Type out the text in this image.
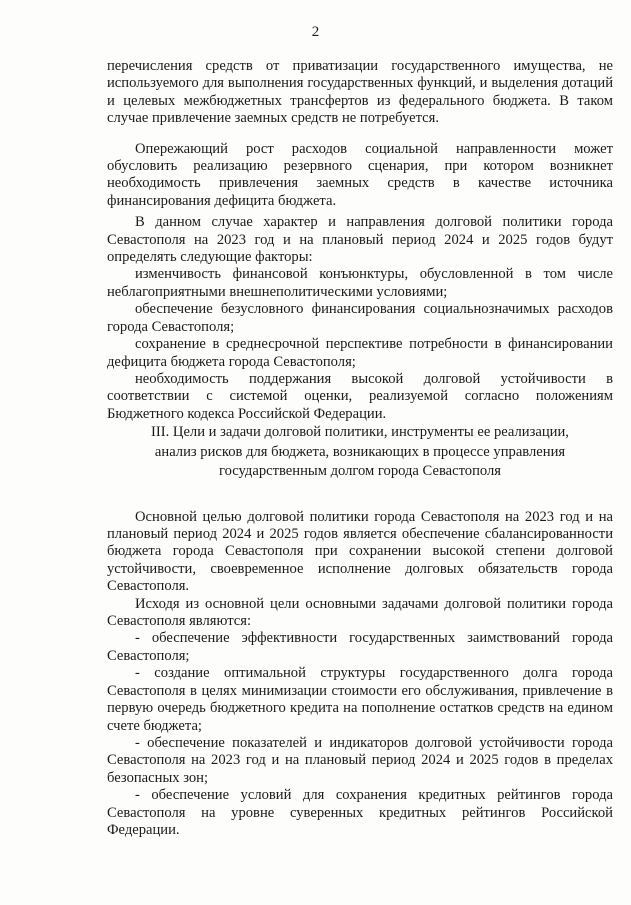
2

перечисления средств от приватизации государственного имущества, не используемого для выполнения государственных функций, и выделения дотаций и целевых межбюджетных трансфертов из федерального бюджета. В таком случае привлечение заемных средств не потребуется.

Опережающий рост расходов социальной направленности может обусловить реализацию резервного сценария, при котором возникнет необходимость привлечения заемных средств в качестве источника финансирования дефицита бюджета.

В данном случае характер и направления долговой политики города Севастополя на 2023 год и на плановый период 2024 и 2025 годов будут определять следующие факторы:

изменчивость финансовой конъюнктуры, обусловленной в том числе неблагоприятными внешнеполитическими условиями;

обеспечение безусловного финансирования социальнозначимых расходов города Севастополя;

сохранение в среднесрочной перспективе потребности в финансировании дефицита бюджета города Севастополя;

необходимость поддержания высокой долговой устойчивости в соответствии с системой оценки, реализуемой согласно положениям Бюджетного кодекса Российской Федерации.

III. Цели и задачи долговой политики, инструменты ее реализации,
анализ рисков для бюджета, возникающих в процессе управления
государственным долгом города Севастополя

Основной целью долговой политики города Севастополя на 2023 год и на плановый период 2024 и 2025 годов является обеспечение сбалансированности бюджета города Севастополя при сохранении высокой степени долговой устойчивости, своевременное исполнение долговых обязательств города Севастополя.

Исходя из основной цели основными задачами долговой политики города Севастополя являются:

- обеспечение эффективности государственных заимствований города Севастополя;

- создание оптимальной структуры государственного долга города Севастополя в целях минимизации стоимости его обслуживания, привлечение в первую очередь бюджетного кредита на пополнение остатков средств на едином счете бюджета;

- обеспечение показателей и индикаторов долговой устойчивости города Севастополя на 2023 год и на плановый период 2024 и 2025 годов в пределах безопасных зон;

- обеспечение условий для сохранения кредитных рейтингов города Севастополя на уровне суверенных кредитных рейтингов Российской Федерации.
